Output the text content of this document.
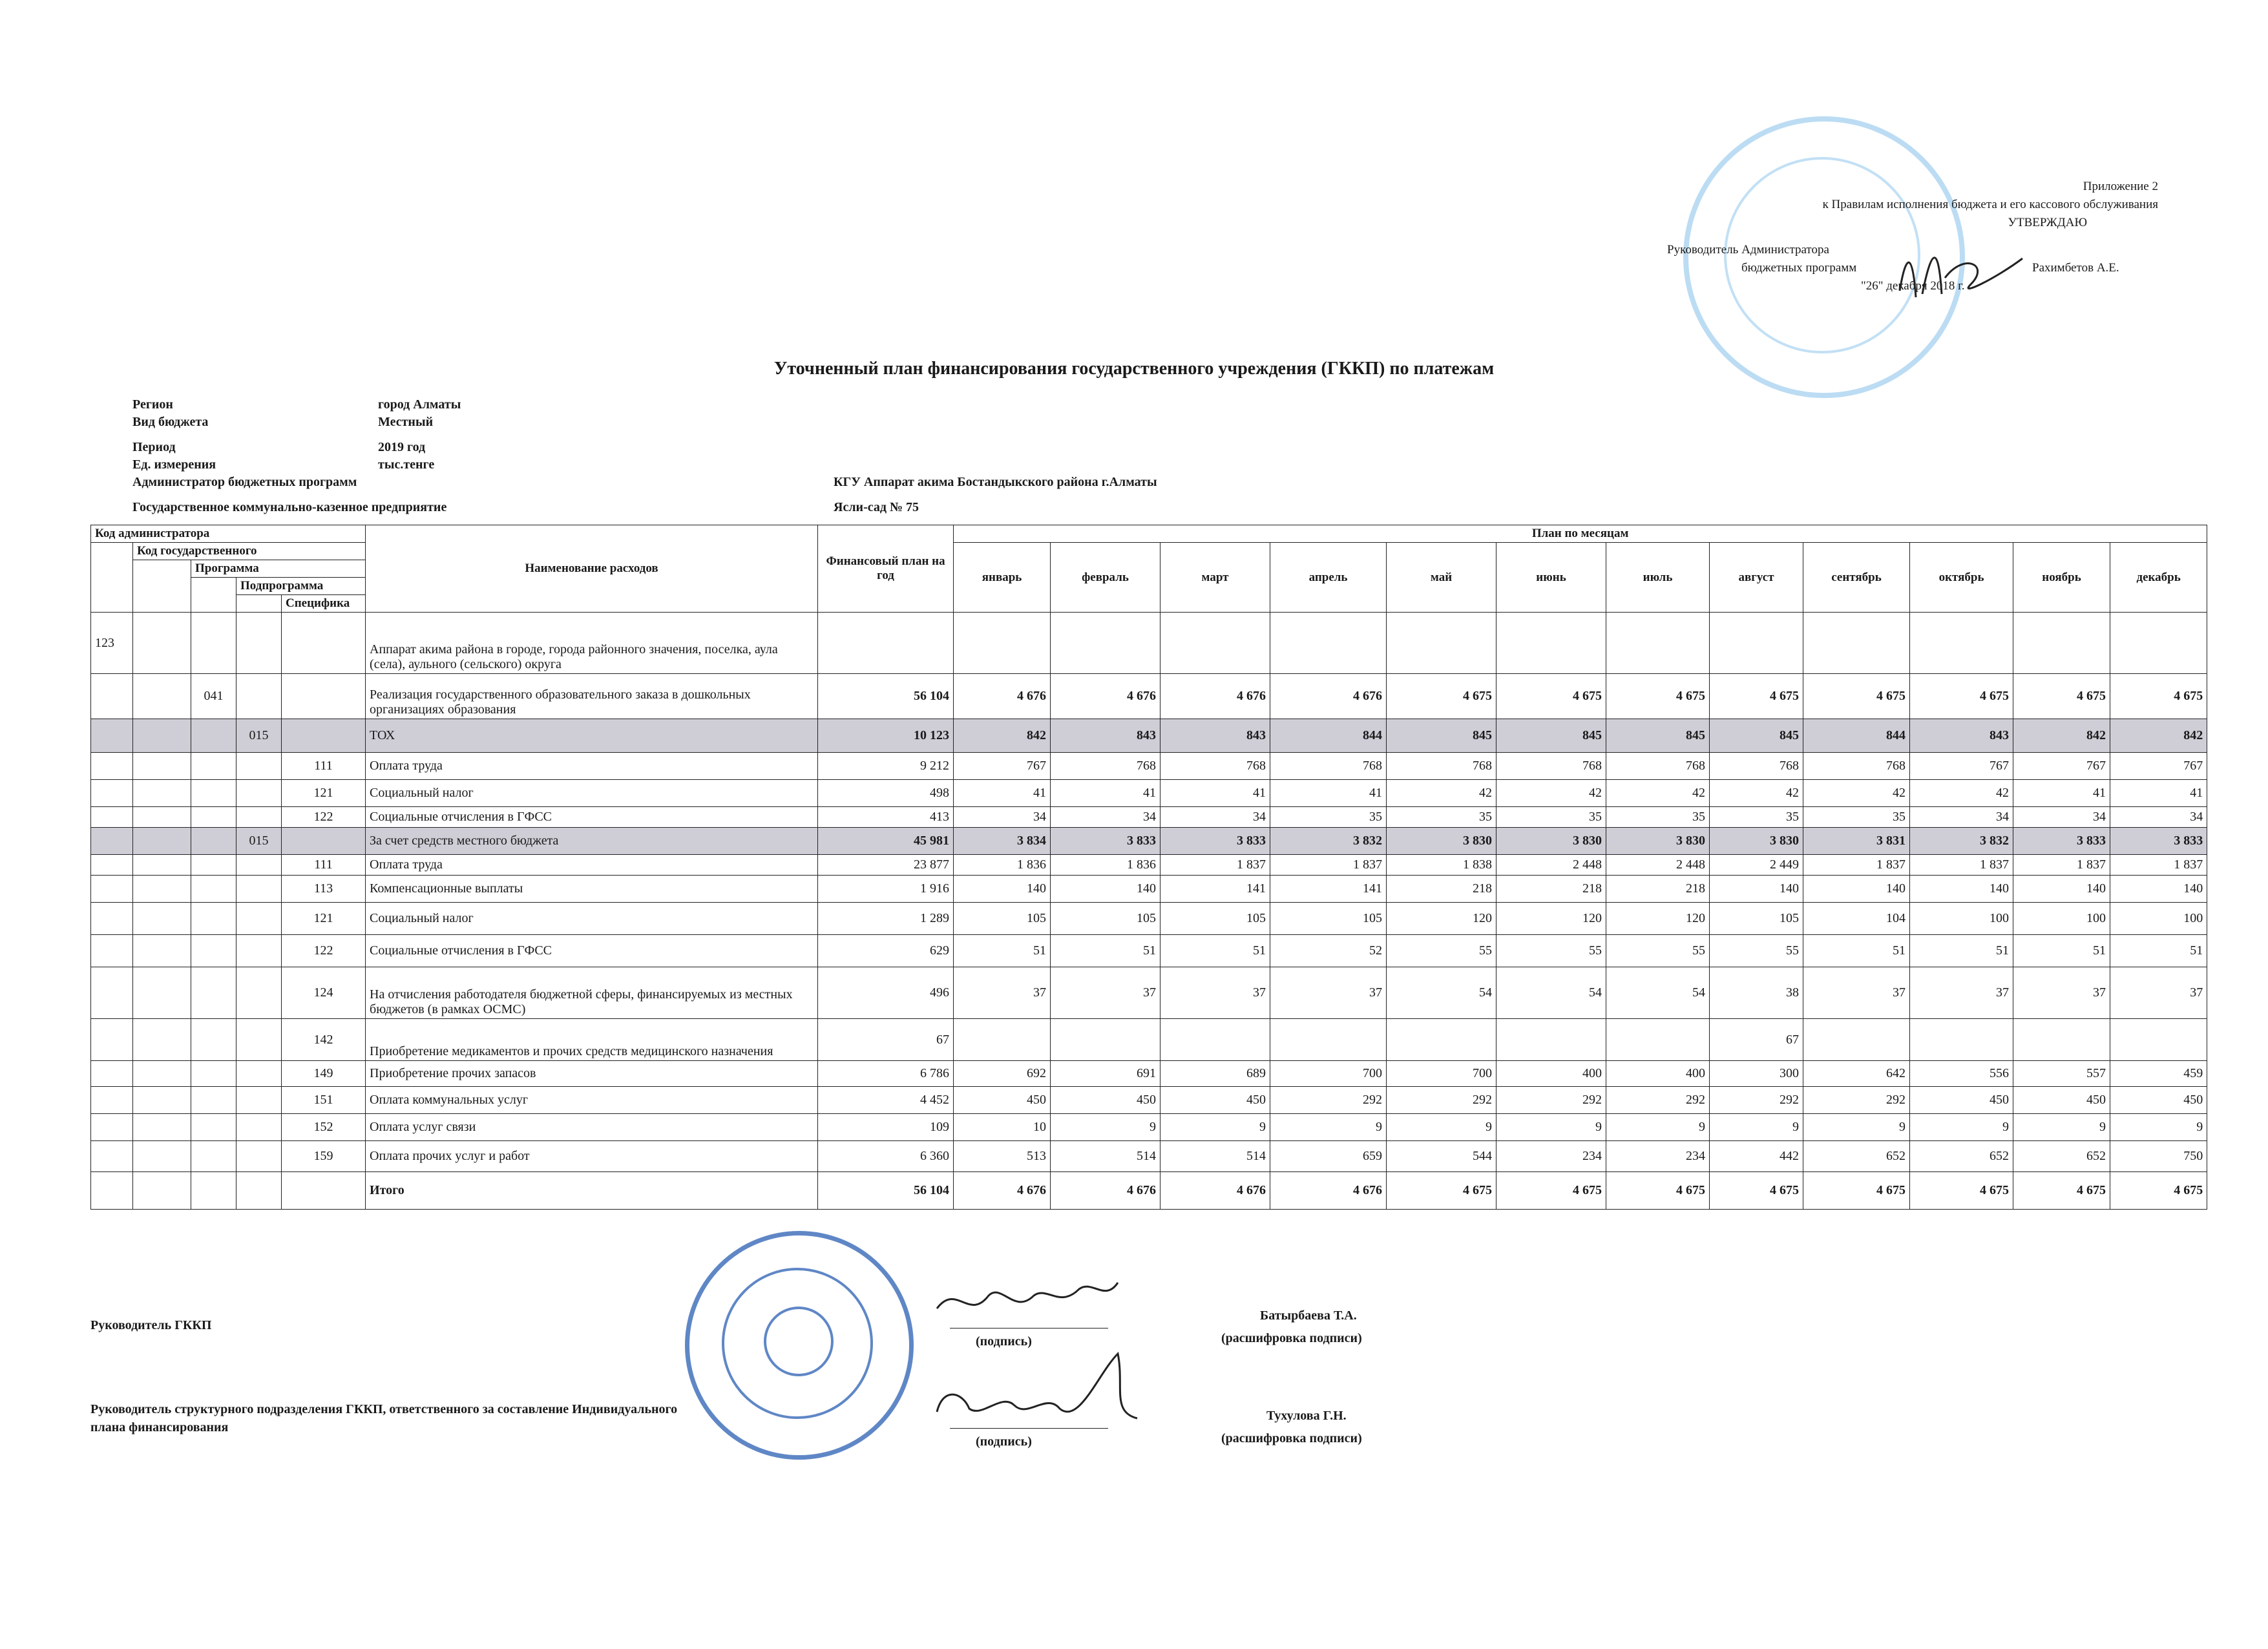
Приложение 2
к Правилам исполнения бюджета и его кассового обслуживания
УТВЕРЖДАЮ
Руководитель Администратора
бюджетных программ	Рахимбетов А.Е.
"26" декабря 2018 г.
Уточненный план финансирования государственного учреждения (ГККП) по платежам
Регион	город Алматы
Вид бюджета	Местный
Период	2019 год
Ед. измерения	тыс.тенге
Администратор бюджетных программ	КГУ Аппарат акима Бостандыкского района г.Алматы
Государственное коммунально-казенное предприятие	Ясли-сад № 75
Код администратора					Наименование расходов	Финансовый план на год	План по месяцам											
	Код государственного						январь	февраль	март	апрель	май	июнь	июль	август	сентябрь	октябрь	ноябрь	декабрь
		Программа																
			Подпрограмма															
				Специфика														
123					Аппарат акима района в городе, города районного значения, поселка, аула (села), аульного (сельского) округа													
		041			Реализация государственного образовательного заказа в дошкольных организациях образования	56 104	4 676	4 676	4 676	4 676	4 675	4 675	4 675	4 675	4 675	4 675	4 675	4 675
			015		ТОХ	10 123	842	843	843	844	845	845	845	845	844	843	842	842
				111	Оплата труда	9 212	767	768	768	768	768	768	768	768	768	767	767	767
				121	Социальный налог	498	41	41	41	41	42	42	42	42	42	42	41	41
				122	Социальные отчисления в ГФСС	413	34	34	34	35	35	35	35	35	35	34	34	34
			015		За счет средств местного бюджета	45 981	3 834	3 833	3 833	3 832	3 830	3 830	3 830	3 830	3 831	3 832	3 833	3 833
				111	Оплата труда	23 877	1 836	1 836	1 837	1 837	1 838	2 448	2 448	2 449	1 837	1 837	1 837	1 837
				113	Компенсационные выплаты	1 916	140	140	141	141	218	218	218	140	140	140	140	140
				121	Социальный налог	1 289	105	105	105	105	120	120	120	105	104	100	100	100
				122	Социальные отчисления в ГФСС	629	51	51	51	52	55	55	55	55	51	51	51	51
				124	На отчисления работодателя бюджетной сферы, финансируемых из местных бюджетов (в рамках ОСМС)	496	37	37	37	37	54	54	54	38	37	37	37	37
				142	Приобретение медикаментов и прочих средств медицинского назначения	67								67				
				149	Приобретение прочих запасов	6 786	692	691	689	700	700	400	400	300	642	556	557	459
				151	Оплата коммунальных услуг	4 452	450	450	450	292	292	292	292	292	292	450	450	450
				152	Оплата услуг связи	109	10	9	9	9	9	9	9	9	9	9	9	9
				159	Оплата прочих услуг и работ	6 360	513	514	514	659	544	234	234	442	652	652	652	750
					Итого	56 104	4 676	4 676	4 676	4 676	4 675	4 675	4 675	4 675	4 675	4 675	4 675	4 675
Руководитель ГККП
(подпись)
Батырбаева Т.А.
(расшифровка подписи)
Руководитель структурного подразделения ГККП, ответственного за составление Индивидуального
плана финансирования
(подпись)
Тухулова Г.Н.
(расшифровка подписи)
